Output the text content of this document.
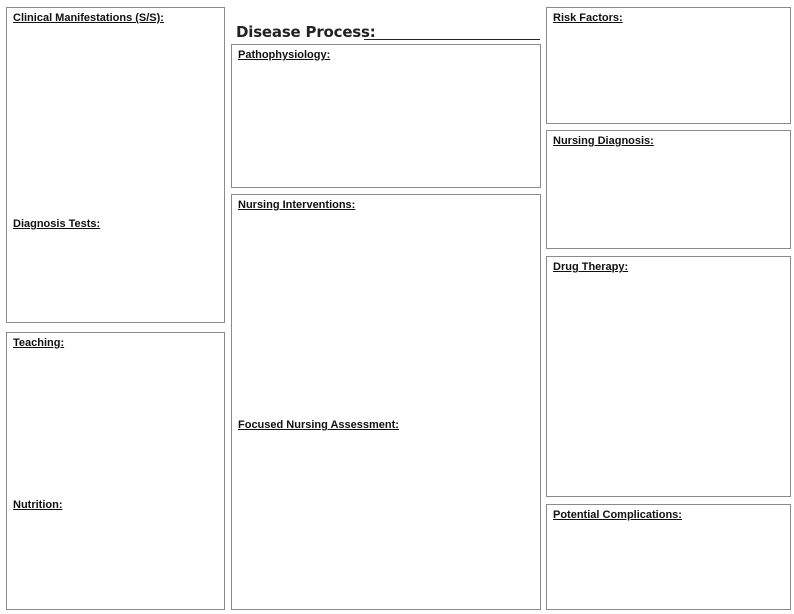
Disease Process:
Clinical Manifestations (S/S):
Diagnosis Tests:
Teaching:
Nutrition:
Pathophysiology:
Nursing Interventions:
Focused Nursing Assessment:
Risk Factors:
Nursing Diagnosis:
Drug Therapy:
Potential Complications:
